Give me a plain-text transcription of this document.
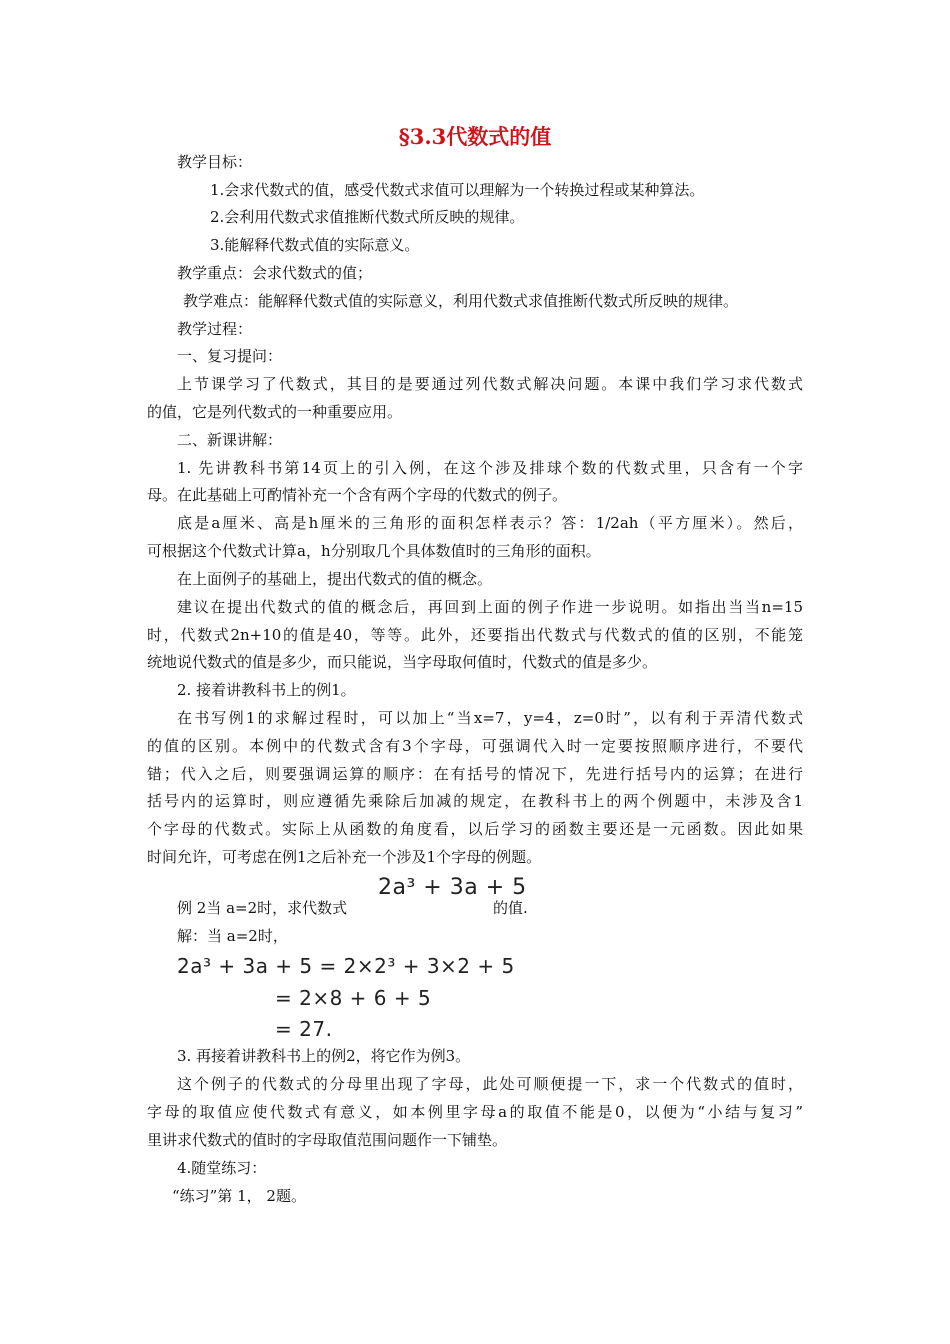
§3.3代数式的值
教学目标：
1.会求代数式的值，感受代数式求值可以理解为一个转换过程或某种算法。
2.会利用代数式求值推断代数式所反映的规律。
3.能解释代数式值的实际意义。
教学重点：会求代数式的值；
教学难点：能解释代数式值的实际意义，利用代数式求值推断代数式所反映的规律。
教学过程：
一、复习提问：
上节课学习了代数式，其目的是要通过列代数式解决问题。本课中我们学习求代数式
的值，它是列代数式的一种重要应用。
二、新课讲解：
1. 先讲教科书第14页上的引入例，在这个涉及排球个数的代数式里，只含有一个字
母。在此基础上可酌情补充一个含有两个字母的代数式的例子。
底是a厘米、高是h厘米的三角形的面积怎样表示？答：1/2ah（平方厘米）。然后，
可根据这个代数式计算a，h分别取几个具体数值时的三角形的面积。
在上面例子的基础上，提出代数式的值的概念。
建议在提出代数式的值的概念后，再回到上面的例子作进一步说明。如指出当当n=15
时，代数式2n+10的值是40，等等。此外，还要指出代数式与代数式的值的区别，不能笼
统地说代数式的值是多少，而只能说，当字母取何值时，代数式的值是多少。
2. 接着讲教科书上的例1。
在书写例1的求解过程时，可以加上“当x=7，y=4，z=0时”，以有利于弄清代数式
的值的区别。本例中的代数式含有3个字母，可强调代入时一定要按照顺序进行，不要代
错；代入之后，则要强调运算的顺序：在有括号的情况下，先进行括号内的运算；在进行
括号内的运算时，则应遵循先乘除后加减的规定，在教科书上的两个例题中，未涉及含1
个字母的代数式。实际上从函数的角度看，以后学习的函数主要还是一元函数。因此如果
时间允许，可考虑在例1之后补充一个涉及1个字母的例题。
例 2当 a=2时，求代数式
2a³ + 3a + 5
的值.
解：当 a=2时，
2a³ + 3a + 5 = 2×2³ + 3×2 + 5
= 2×8 + 6 + 5
= 27.
3. 再接着讲教科书上的例2，将它作为例3。
这个例子的代数式的分母里出现了字母，此处可顺便提一下，求一个代数式的值时，
字母的取值应使代数式有意义，如本例里字母a的取值不能是0，以便为“小结与复习”
里讲求代数式的值时的字母取值范围问题作一下铺垫。
4.随堂练习：
“练习”第 1， 2题。
